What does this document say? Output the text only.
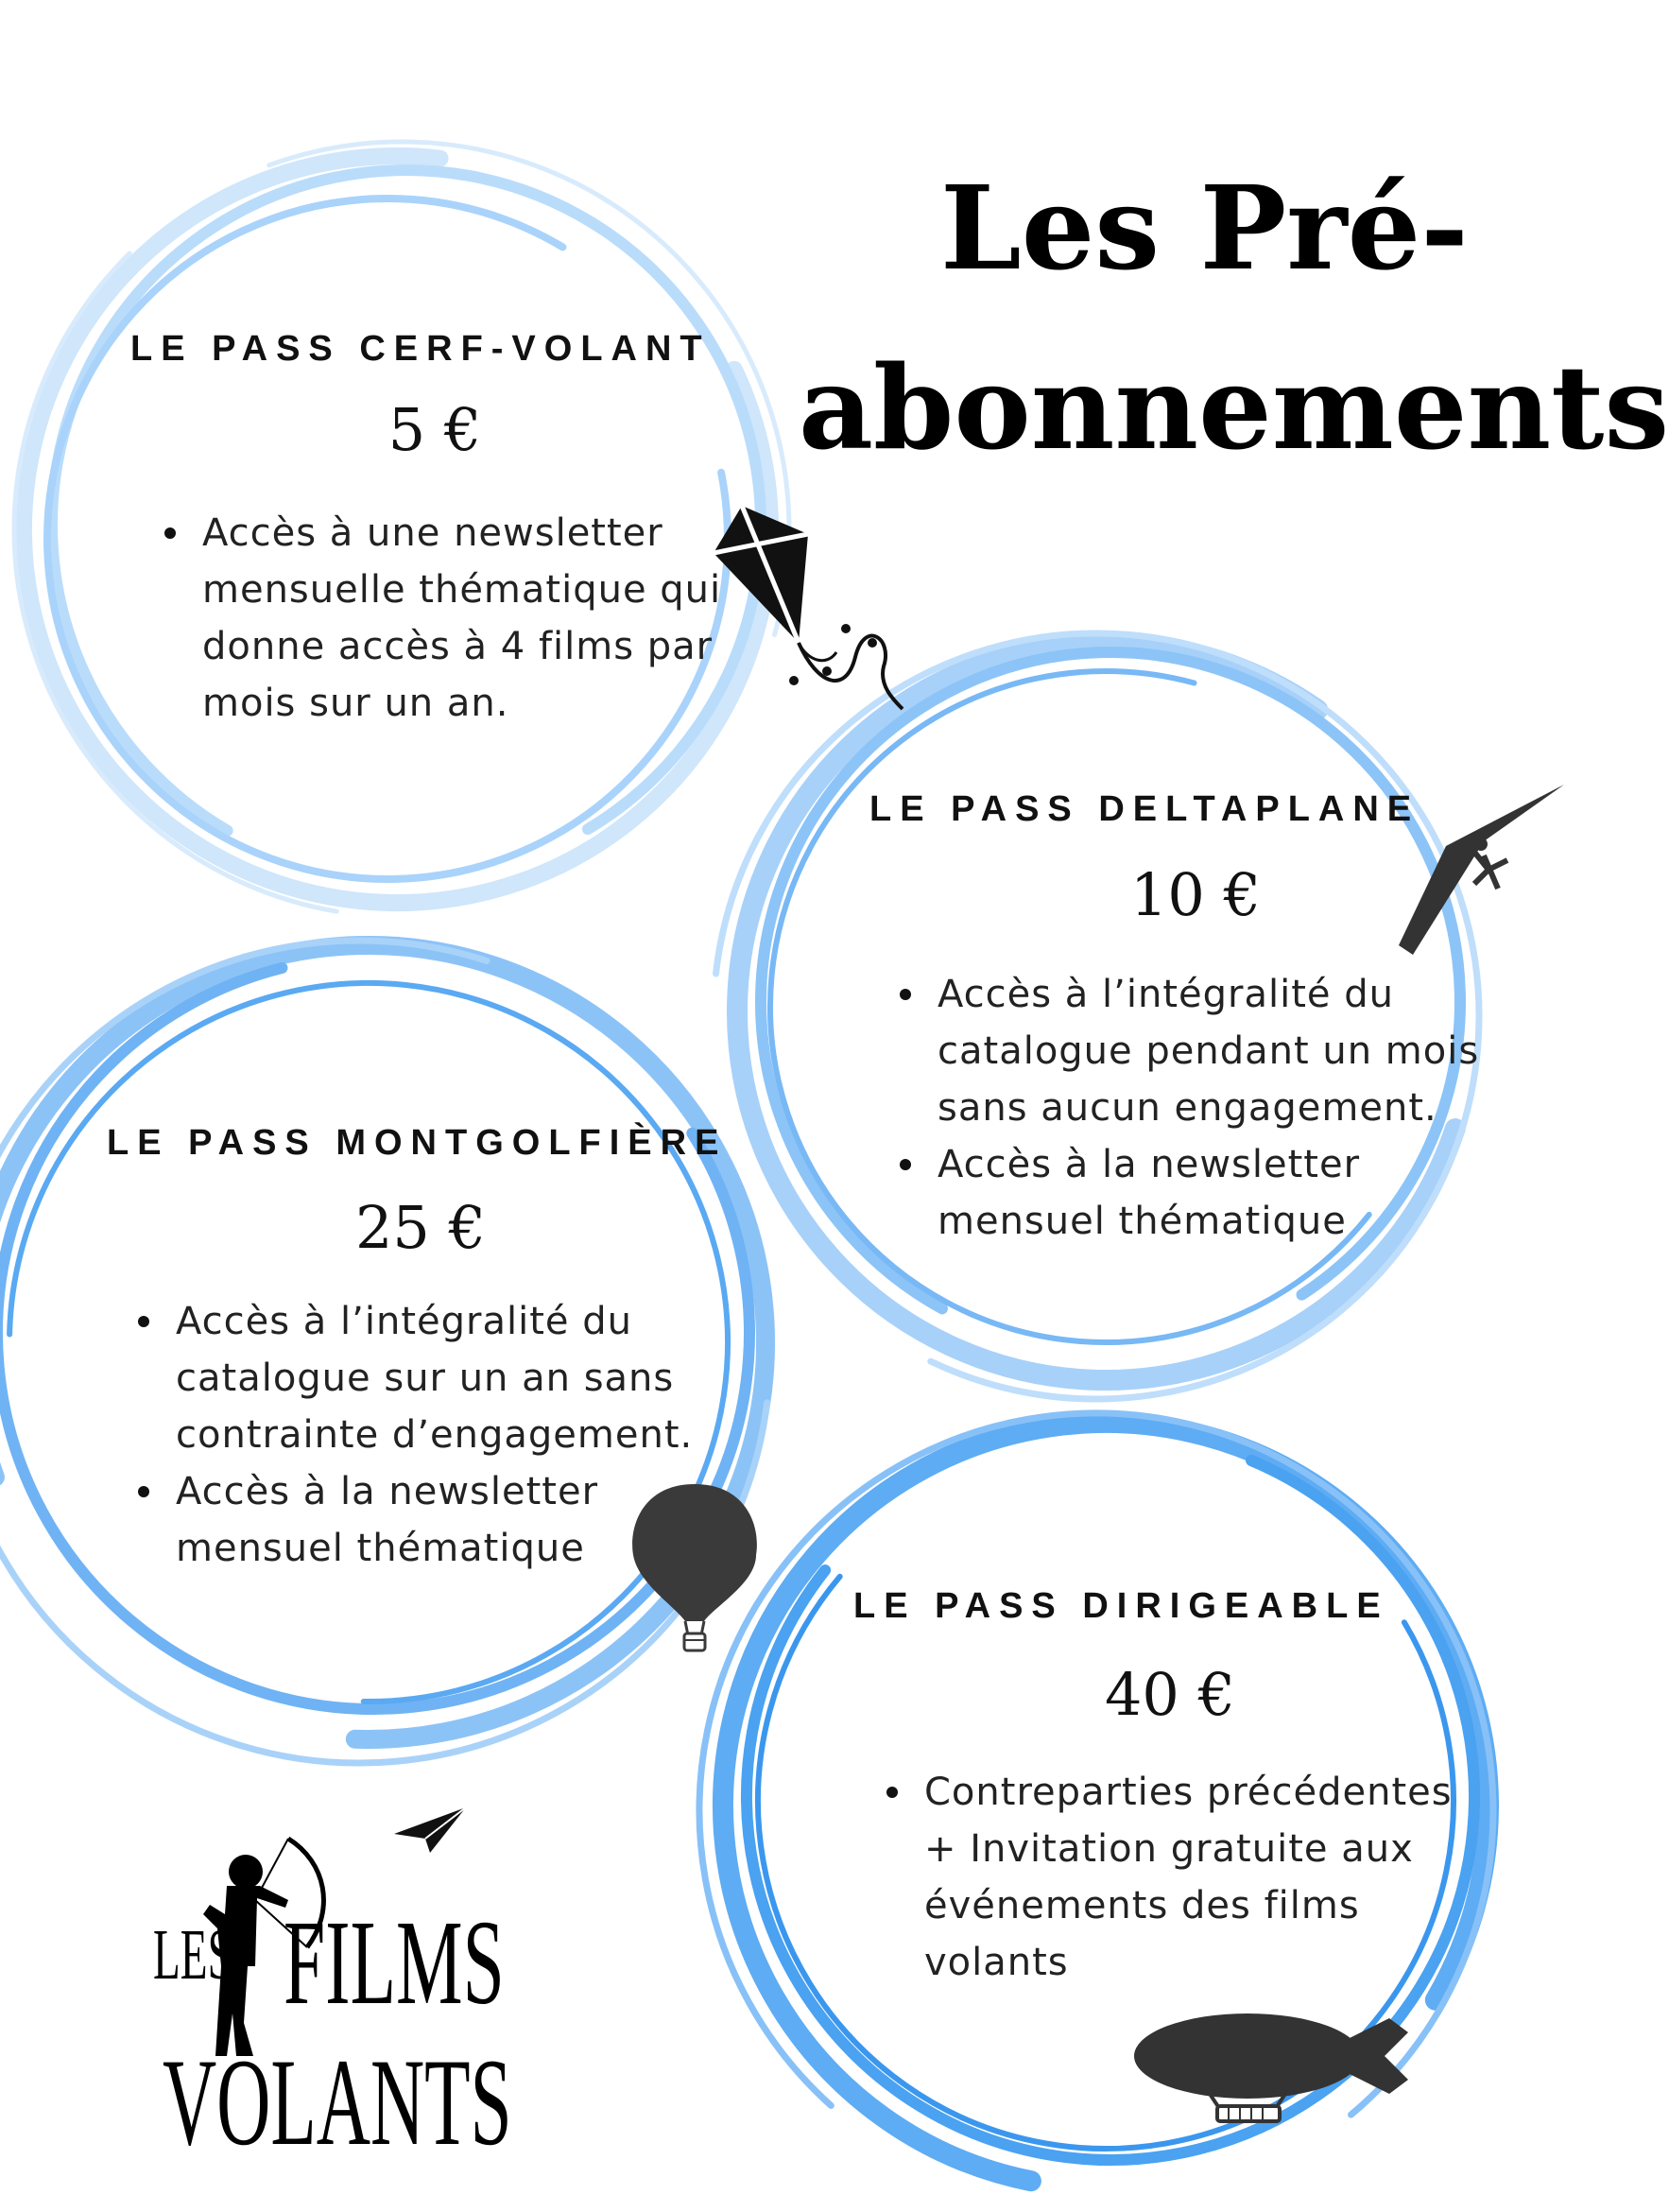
Les Pré-
abonnements
LE PASS CERF-VOLANT
5 €
Accès à une newsletter mensuelle thématique qui donne accès à 4 films par mois sur un an.
LE PASS DELTAPLANE
10 €
Accès à l’intégralité du catalogue pendant un mois sans aucun engagement.
Accès à la newsletter mensuel thématique
LE PASS MONTGOLFIÈRE
25 €
Accès à l’intégralité du catalogue sur un an sans contrainte d’engagement.
Accès à la newsletter mensuel thématique
LE PASS DIRIGEABLE
40 €
Contreparties précédentes + Invitation gratuite aux événements des films volants
LES FILMS
VOLANTS
